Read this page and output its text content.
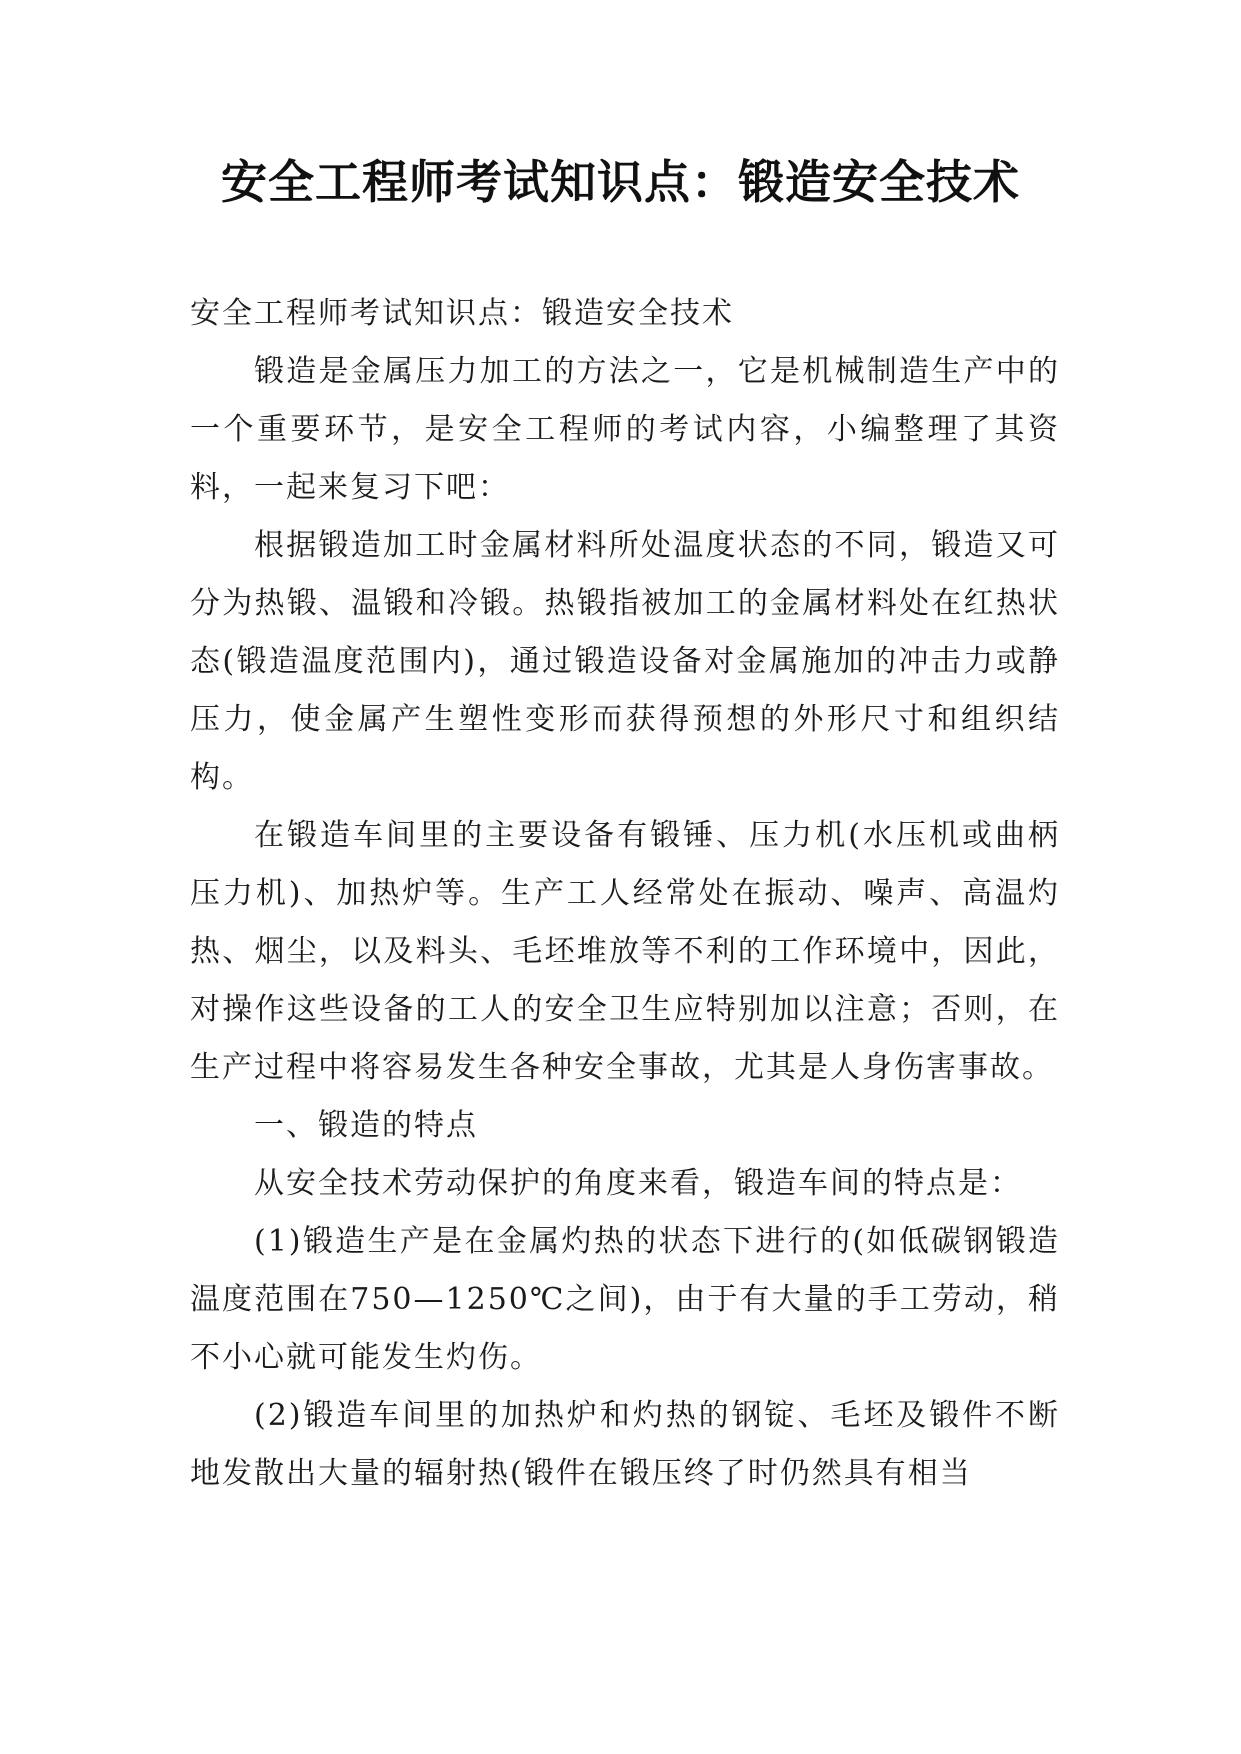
安全工程师考试知识点：锻造安全技术

安全工程师考试知识点：锻造安全技术

锻造是金属压力加工的方法之一，它是机械制造生产中的一个重要环节，是安全工程师的考试内容，小编整理了其资料，一起来复习下吧：

根据锻造加工时金属材料所处温度状态的不同，锻造又可分为热锻、温锻和冷锻。热锻指被加工的金属材料处在红热状态(锻造温度范围内)，通过锻造设备对金属施加的冲击力或静压力，使金属产生塑性变形而获得预想的外形尺寸和组织结构。

在锻造车间里的主要设备有锻锤、压力机(水压机或曲柄压力机)、加热炉等。生产工人经常处在振动、噪声、高温灼热、烟尘，以及料头、毛坯堆放等不利的工作环境中，因此，对操作这些设备的工人的安全卫生应特别加以注意；否则，在生产过程中将容易发生各种安全事故，尤其是人身伤害事故。

一、锻造的特点

从安全技术劳动保护的角度来看，锻造车间的特点是：

(1)锻造生产是在金属灼热的状态下进行的(如低碳钢锻造温度范围在750—1250℃之间)，由于有大量的手工劳动，稍不小心就可能发生灼伤。

(2)锻造车间里的加热炉和灼热的钢锭、毛坯及锻件不断地发散出大量的辐射热(锻件在锻压终了时仍然具有相当
